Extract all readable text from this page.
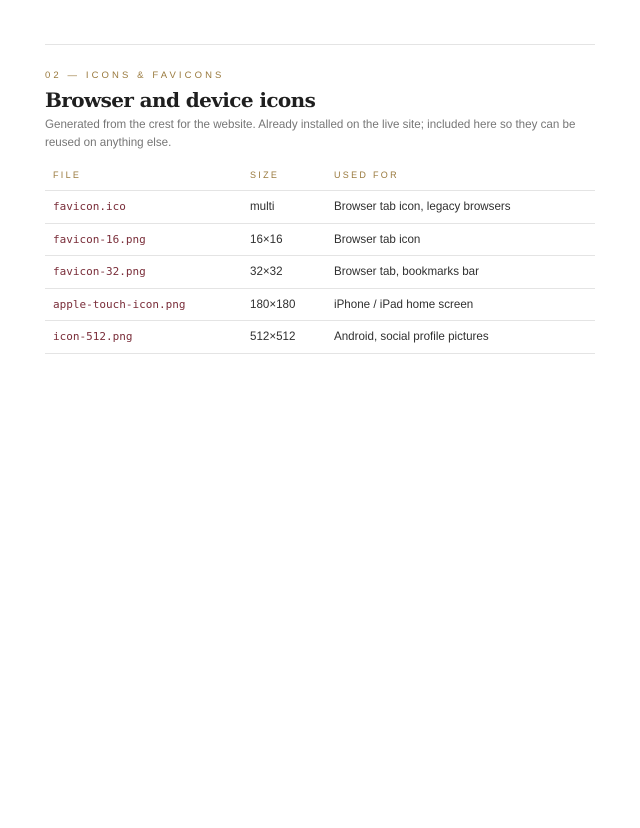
02 — ICONS & FAVICONS
Browser and device icons

Generated from the crest for the website. Already installed on the live site; included here so they can be reused on anything else.

FILE	SIZE	USED FOR
favicon.ico	multi	Browser tab icon, legacy browsers
favicon-16.png	16×16	Browser tab icon
favicon-32.png	32×32	Browser tab, bookmarks bar
apple-touch-icon.png	180×180	iPhone / iPad home screen
icon-512.png	512×512	Android, social profile pictures
